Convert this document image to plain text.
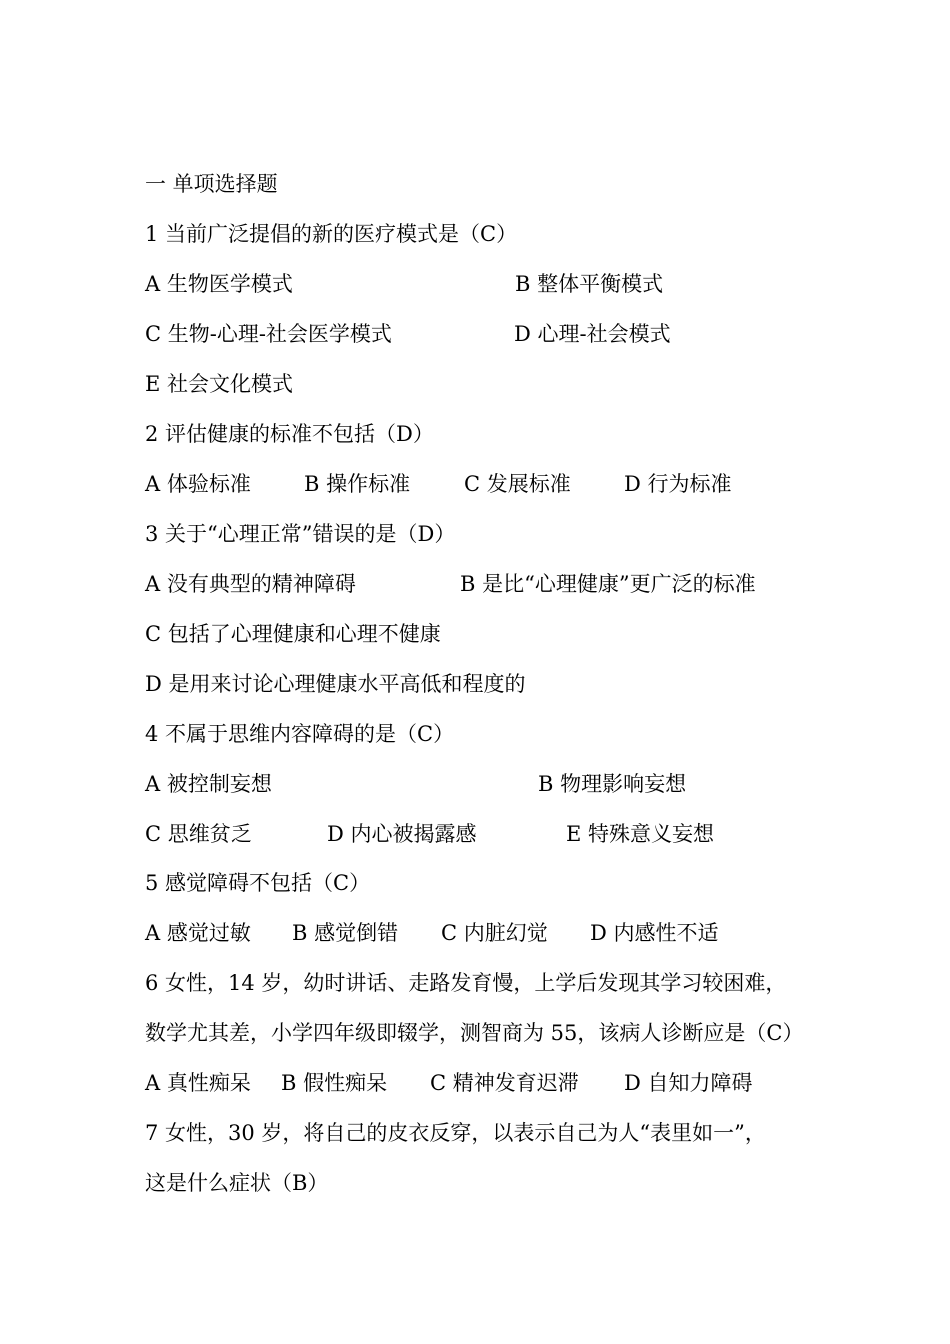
一 单项选择题
1 当前广泛提倡的新的医疗模式是（C）
A 生物医学模式	B 整体平衡模式
C 生物-心理-社会医学模式	D 心理-社会模式
E 社会文化模式
2 评估健康的标准不包括（D）
A 体验标准	B 操作标准	C 发展标准	D 行为标准
3 关于“心理正常”错误的是（D）
A 没有典型的精神障碍	B 是比“心理健康”更广泛的标准
C 包括了心理健康和心理不健康
D 是用来讨论心理健康水平高低和程度的
4 不属于思维内容障碍的是（C）
A 被控制妄想	B 物理影响妄想
C 思维贫乏	D 内心被揭露感	E 特殊意义妄想
5 感觉障碍不包括（C）
A 感觉过敏 B 感觉倒错 C 内脏幻觉 D 内感性不适
6 女性，14 岁，幼时讲话、走路发育慢，上学后发现其学习较困难，
数学尤其差，小学四年级即辍学，测智商为 55，该病人诊断应是（C）
A 真性痴呆 B 假性痴呆 C 精神发育迟滞 D 自知力障碍
7 女性，30 岁，将自己的皮衣反穿，以表示自己为人“表里如一”，
这是什么症状（B）
